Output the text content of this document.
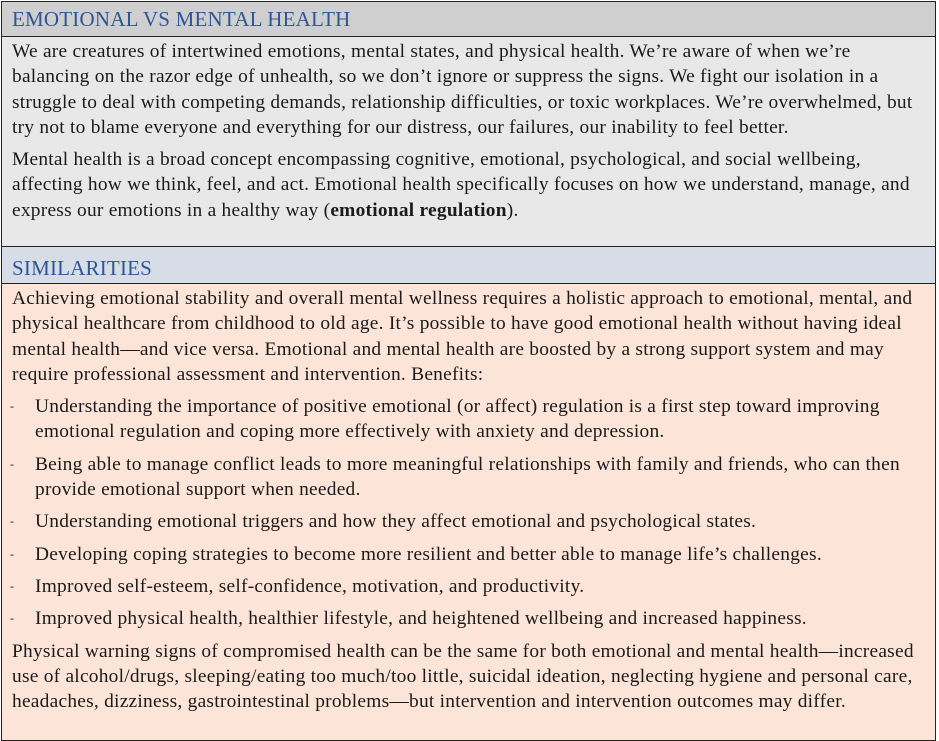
EMOTIONAL VS MENTAL HEALTH

We are creatures of intertwined emotions, mental states, and physical health. We’re aware of when we’re balancing on the razor edge of unhealth, so we don’t ignore or suppress the signs. We fight our isolation in a struggle to deal with competing demands, relationship difficulties, or toxic workplaces. We’re overwhelmed, but try not to blame everyone and everything for our distress, our failures, our inability to feel better.

Mental health is a broad concept encompassing cognitive, emotional, psychological, and social wellbeing, affecting how we think, feel, and act. Emotional health specifically focuses on how we understand, manage, and express our emotions in a healthy way (emotional regulation).

SIMILARITIES

Achieving emotional stability and overall mental wellness requires a holistic approach to emotional, mental, and physical healthcare from childhood to old age. It’s possible to have good emotional health without having ideal mental health—and vice versa. Emotional and mental health are boosted by a strong support system and may require professional assessment and intervention. Benefits:

- Understanding the importance of positive emotional (or affect) regulation is a first step toward improving emotional regulation and coping more effectively with anxiety and depression.
- Being able to manage conflict leads to more meaningful relationships with family and friends, who can then provide emotional support when needed.
- Understanding emotional triggers and how they affect emotional and psychological states.
- Developing coping strategies to become more resilient and better able to manage life’s challenges.
- Improved self-esteem, self-confidence, motivation, and productivity.
- Improved physical health, healthier lifestyle, and heightened wellbeing and increased happiness.

Physical warning signs of compromised health can be the same for both emotional and mental health—increased use of alcohol/drugs, sleeping/eating too much/too little, suicidal ideation, neglecting hygiene and personal care, headaches, dizziness, gastrointestinal problems—but intervention and intervention outcomes may differ.
